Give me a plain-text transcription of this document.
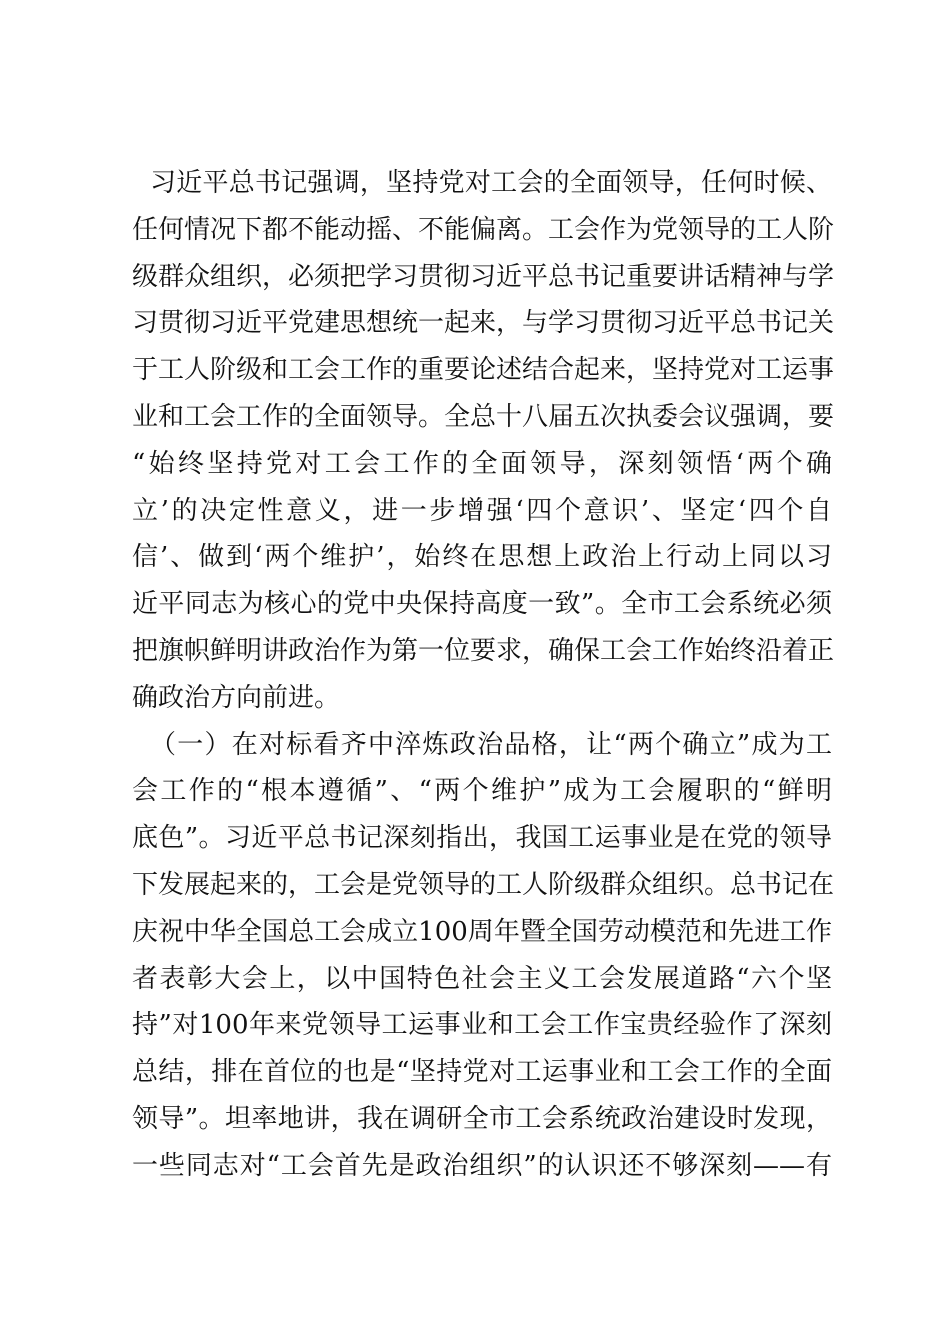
习近平总书记强调，坚持党对工会的全面领导，任何时候、
任何情况下都不能动摇、不能偏离。工会作为党领导的工人阶
级群众组织，必须把学习贯彻习近平总书记重要讲话精神与学
习贯彻习近平党建思想统一起来，与学习贯彻习近平总书记关
于工人阶级和工会工作的重要论述结合起来，坚持党对工运事
业和工会工作的全面领导。全总十八届五次执委会议强调，要
“始终坚持党对工会工作的全面领导，深刻领悟‘两个确
立’的决定性意义，进一步增强‘四个意识’、坚定‘四个自
信’、做到‘两个维护’，始终在思想上政治上行动上同以习
近平同志为核心的党中央保持高度一致”。全市工会系统必须
把旗帜鲜明讲政治作为第一位要求，确保工会工作始终沿着正
确政治方向前进。
（一）在对标看齐中淬炼政治品格，让“两个确立”成为工
会工作的“根本遵循”、“两个维护”成为工会履职的“鲜明
底色”。习近平总书记深刻指出，我国工运事业是在党的领导
下发展起来的，工会是党领导的工人阶级群众组织。总书记在
庆祝中华全国总工会成立100周年暨全国劳动模范和先进工作
者表彰大会上，以中国特色社会主义工会发展道路“六个坚
持”对100年来党领导工运事业和工会工作宝贵经验作了深刻
总结，排在首位的也是“坚持党对工运事业和工会工作的全面
领导”。坦率地讲，我在调研全市工会系统政治建设时发现，
一些同志对“工会首先是政治组织”的认识还不够深刻——有
